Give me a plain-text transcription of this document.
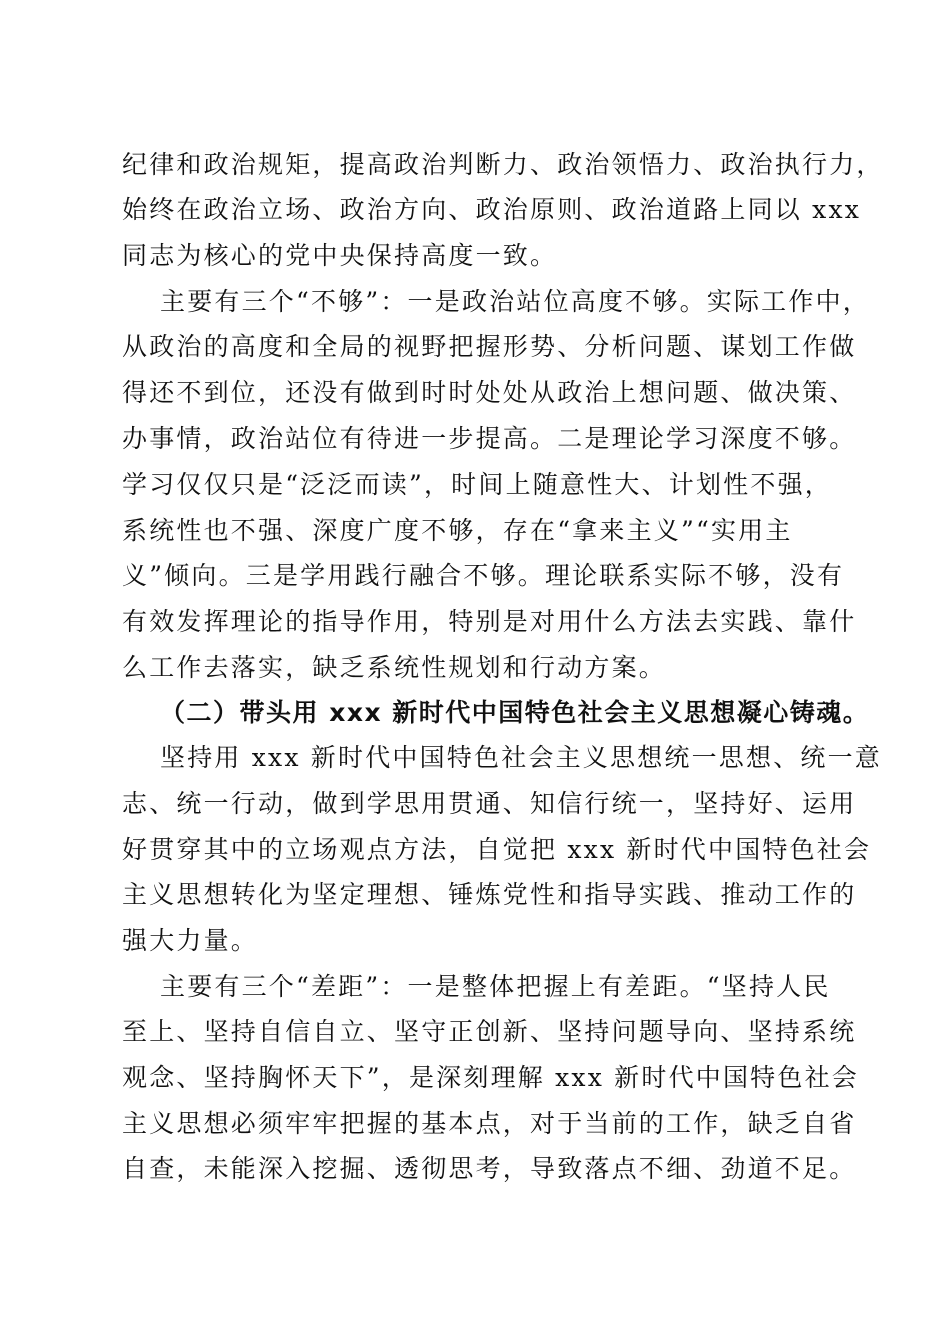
纪律和政治规矩，提高政治判断力、政治领悟力、政治执行力，
始终在政治立场、政治方向、政治原则、政治道路上同以 xxx
同志为核心的党中央保持高度一致。
主要有三个“不够”：一是政治站位高度不够。实际工作中，
从政治的高度和全局的视野把握形势、分析问题、谋划工作做
得还不到位，还没有做到时时处处从政治上想问题、做决策、
办事情，政治站位有待进一步提高。二是理论学习深度不够。
学习仅仅只是“泛泛而读”，时间上随意性大、计划性不强，
系统性也不强、深度广度不够，存在“拿来主义”“实用主
义”倾向。三是学用践行融合不够。理论联系实际不够，没有
有效发挥理论的指导作用，特别是对用什么方法去实践、靠什
么工作去落实，缺乏系统性规划和行动方案。
（二）带头用 xxx 新时代中国特色社会主义思想凝心铸魂。
坚持用 xxx 新时代中国特色社会主义思想统一思想、统一意
志、统一行动，做到学思用贯通、知信行统一，坚持好、运用
好贯穿其中的立场观点方法，自觉把 xxx 新时代中国特色社会
主义思想转化为坚定理想、锤炼党性和指导实践、推动工作的
强大力量。
主要有三个“差距”：一是整体把握上有差距。“坚持人民
至上、坚持自信自立、坚守正创新、坚持问题导向、坚持系统
观念、坚持胸怀天下”，是深刻理解 xxx 新时代中国特色社会
主义思想必须牢牢把握的基本点，对于当前的工作，缺乏自省
自查，未能深入挖掘、透彻思考，导致落点不细、劲道不足。
